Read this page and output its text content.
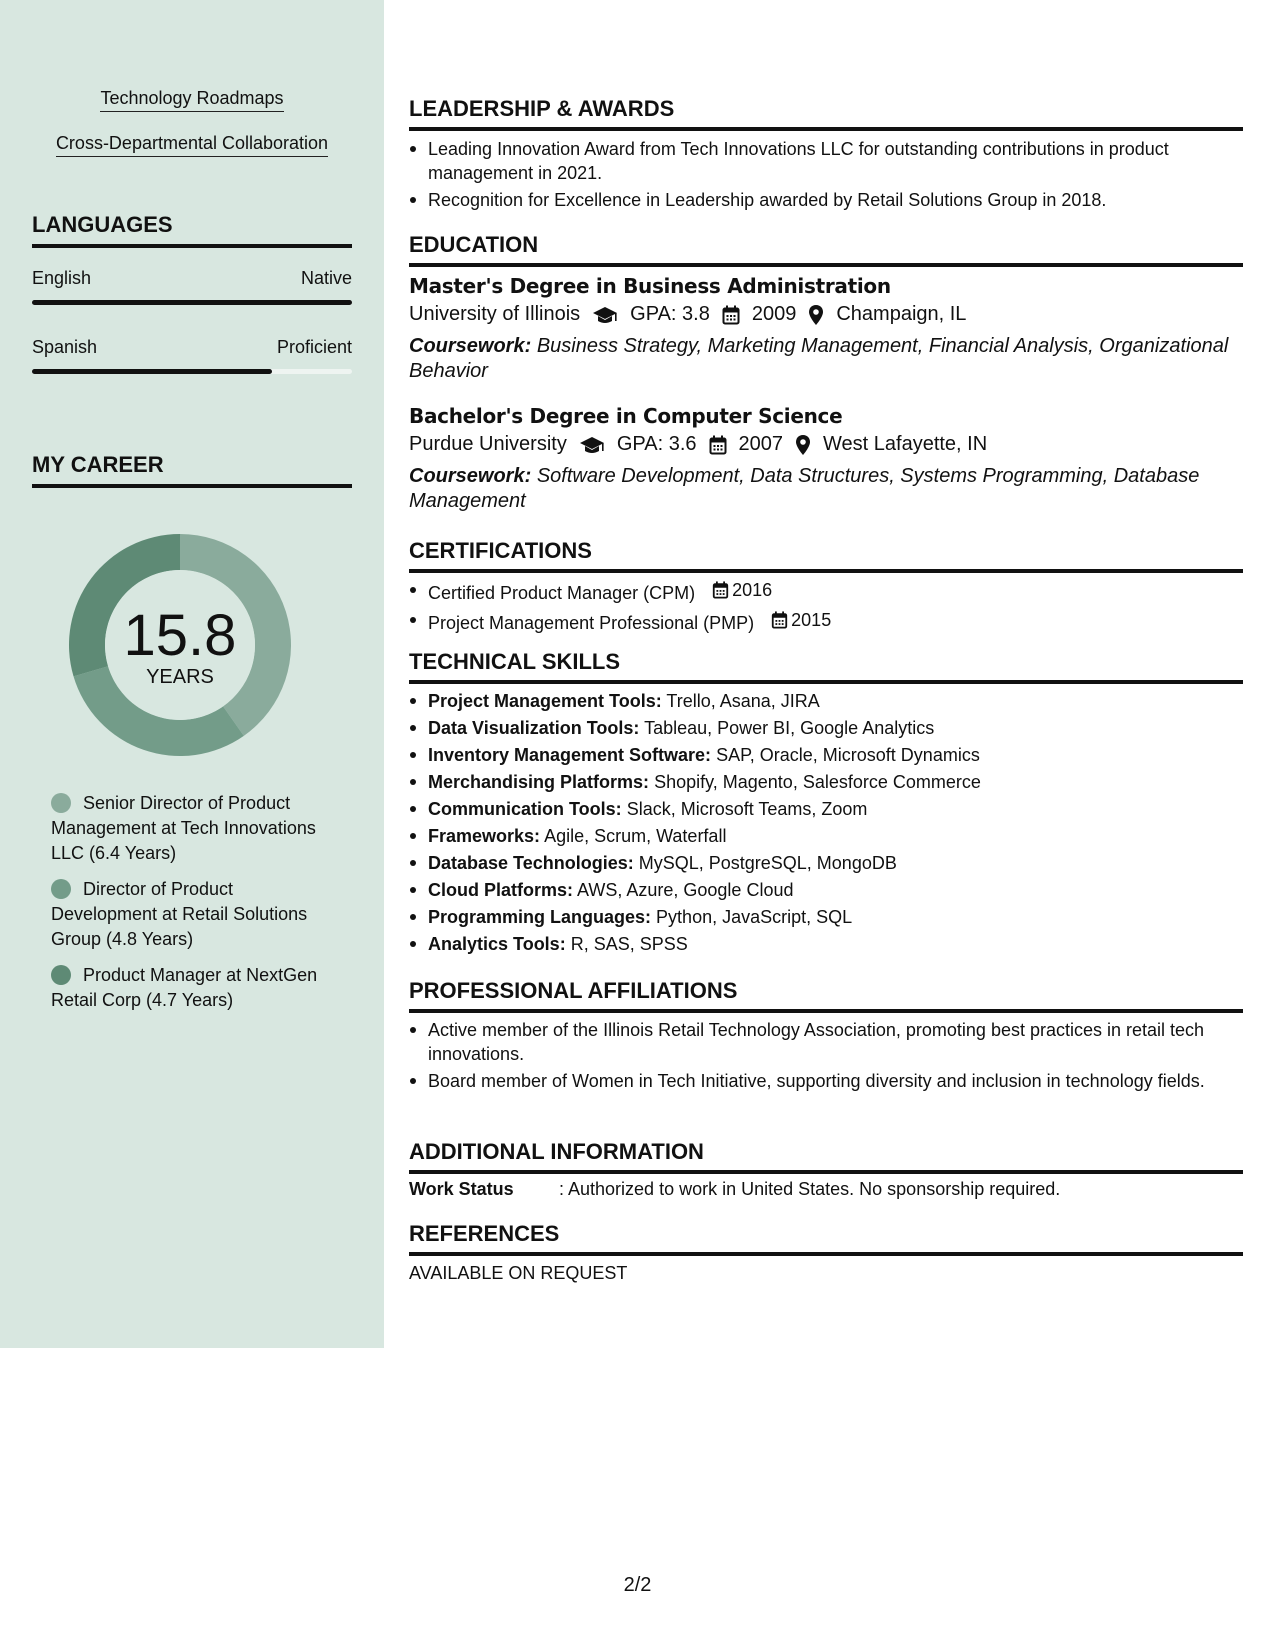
Technology Roadmaps
Cross-Departmental Collaboration
LANGUAGES
English	Native
Spanish	Proficient
MY CAREER
15.8
YEARS
Senior Director of Product Management at Tech Innovations LLC (6.4 Years)
Director of Product Development at Retail Solutions Group (4.8 Years)
Product Manager at NextGen Retail Corp (4.7 Years)
LEADERSHIP & AWARDS
Leading Innovation Award from Tech Innovations LLC for outstanding contributions in product management in 2021.
Recognition for Excellence in Leadership awarded by Retail Solutions Group in 2018.
EDUCATION
Master's Degree in Business Administration
University of Illinois	GPA: 3.8 2009 Champaign, IL
Coursework: Business Strategy, Marketing Management, Financial Analysis, Organizational Behavior
Bachelor's Degree in Computer Science
Purdue University	GPA: 3.6 2007 West Lafayette, IN
Coursework: Software Development, Data Structures, Systems Programming, Database Management
CERTIFICATIONS
Certified Product Manager (CPM) 2016
Project Management Professional (PMP) 2015
TECHNICAL SKILLS
Project Management Tools: Trello, Asana, JIRA
Data Visualization Tools: Tableau, Power BI, Google Analytics
Inventory Management Software: SAP, Oracle, Microsoft Dynamics
Merchandising Platforms: Shopify, Magento, Salesforce Commerce
Communication Tools: Slack, Microsoft Teams, Zoom
Frameworks: Agile, Scrum, Waterfall
Database Technologies: MySQL, PostgreSQL, MongoDB
Cloud Platforms: AWS, Azure, Google Cloud
Programming Languages: Python, JavaScript, SQL
Analytics Tools: R, SAS, SPSS
PROFESSIONAL AFFILIATIONS
Active member of the Illinois Retail Technology Association, promoting best practices in retail tech innovations.
Board member of Women in Tech Initiative, supporting diversity and inclusion in technology fields.
ADDITIONAL INFORMATION
Work Status	: Authorized to work in United States. No sponsorship required.
REFERENCES
AVAILABLE ON REQUEST
2/2
